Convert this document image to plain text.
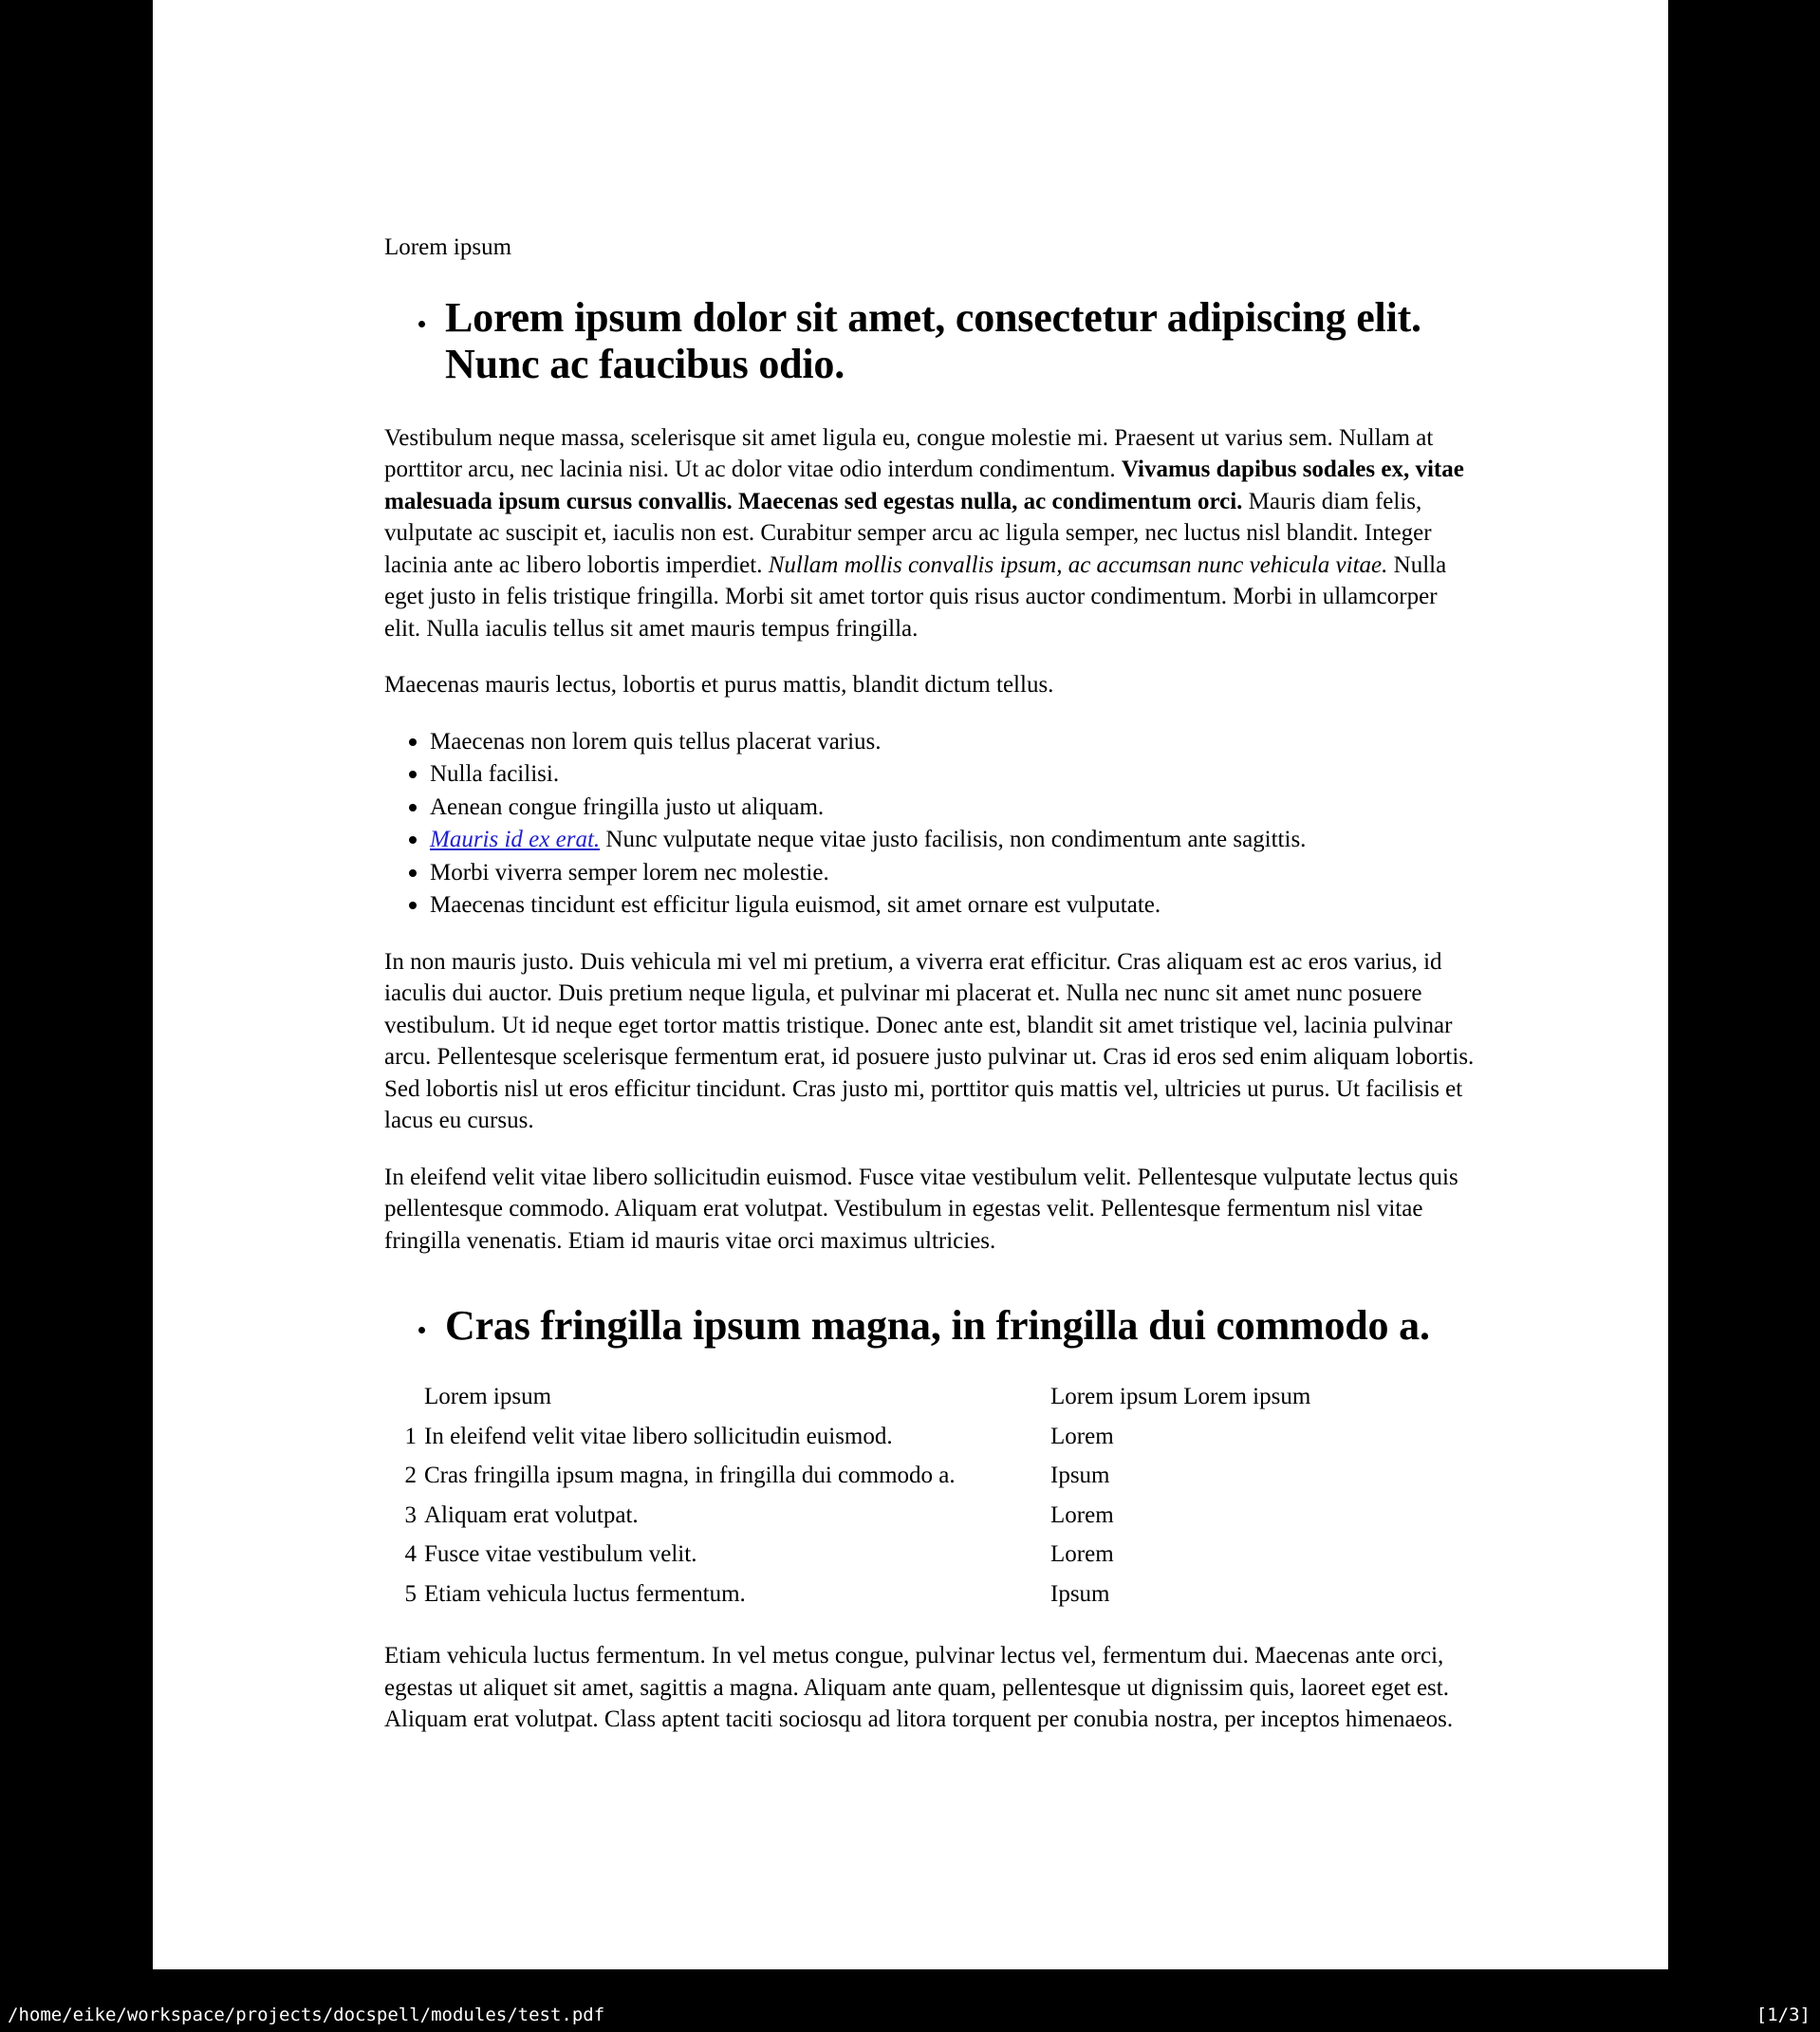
Lorem ipsum
Lorem ipsum dolor sit amet, consectetur adipiscing elit. Nunc ac faucibus odio.

Vestibulum neque massa, scelerisque sit amet ligula eu, congue molestie mi. Praesent ut varius sem. Nullam at porttitor arcu, nec lacinia nisi. Ut ac dolor vitae odio interdum condimentum. Vivamus dapibus sodales ex, vitae malesuada ipsum cursus convallis. Maecenas sed egestas nulla, ac condimentum orci. Mauris diam felis, vulputate ac suscipit et, iaculis non est. Curabitur semper arcu ac ligula semper, nec luctus nisl blandit. Integer lacinia ante ac libero lobortis imperdiet. Nullam mollis convallis ipsum, ac accumsan nunc vehicula vitae. Nulla eget justo in felis tristique fringilla. Morbi sit amet tortor quis risus auctor condimentum. Morbi in ullamcorper elit. Nulla iaculis tellus sit amet mauris tempus fringilla.

Maecenas mauris lectus, lobortis et purus mattis, blandit dictum tellus.

Maecenas non lorem quis tellus placerat varius.
Nulla facilisi.
Aenean congue fringilla justo ut aliquam.
Mauris id ex erat. Nunc vulputate neque vitae justo facilisis, non condimentum ante sagittis.
Morbi viverra semper lorem nec molestie.
Maecenas tincidunt est efficitur ligula euismod, sit amet ornare est vulputate.

In non mauris justo. Duis vehicula mi vel mi pretium, a viverra erat efficitur. Cras aliquam est ac eros varius, id iaculis dui auctor. Duis pretium neque ligula, et pulvinar mi placerat et. Nulla nec nunc sit amet nunc posuere vestibulum. Ut id neque eget tortor mattis tristique. Donec ante est, blandit sit amet tristique vel, lacinia pulvinar arcu. Pellentesque scelerisque fermentum erat, id posuere justo pulvinar ut. Cras id eros sed enim aliquam lobortis. Sed lobortis nisl ut eros efficitur tincidunt. Cras justo mi, porttitor quis mattis vel, ultricies ut purus. Ut facilisis et lacus eu cursus.

In eleifend velit vitae libero sollicitudin euismod. Fusce vitae vestibulum velit. Pellentesque vulputate lectus quis pellentesque commodo. Aliquam erat volutpat. Vestibulum in egestas velit. Pellentesque fermentum nisl vitae fringilla venenatis. Etiam id mauris vitae orci maximus ultricies.

Cras fringilla ipsum magna, in fringilla dui commodo a.
	Lorem ipsum	Lorem ipsum Lorem ipsum
1	In eleifend velit vitae libero sollicitudin euismod.	Lorem
2	Cras fringilla ipsum magna, in fringilla dui commodo a.	Ipsum
3	Aliquam erat volutpat.	Lorem
4	Fusce vitae vestibulum velit.	Lorem
5	Etiam vehicula luctus fermentum.	Ipsum

Etiam vehicula luctus fermentum. In vel metus congue, pulvinar lectus vel, fermentum dui. Maecenas ante orci, egestas ut aliquet sit amet, sagittis a magna. Aliquam ante quam, pellentesque ut dignissim quis, laoreet eget est. Aliquam erat volutpat. Class aptent taciti sociosqu ad litora torquent per conubia nostra, per inceptos himenaeos.

/home/eike/workspace/projects/docspell/modules/test.pdf	[1/3]
